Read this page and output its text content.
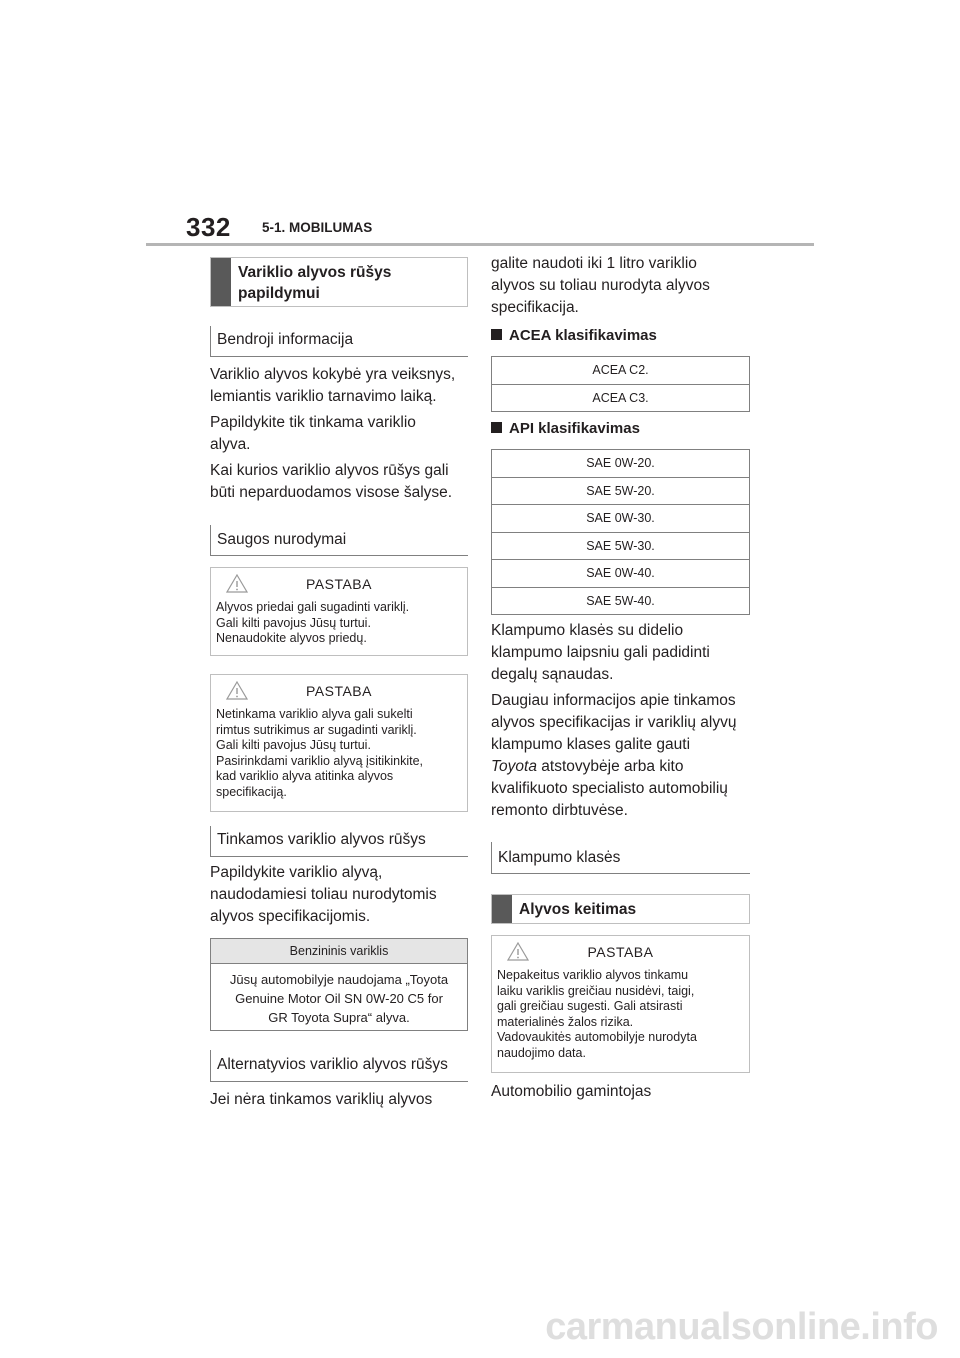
332 5-1. MOBILUMAS
Variklio alyvos rūšys papildymui
Bendroji informacija
Variklio alyvos kokybė yra veiksnys,
lemiantis variklio tarnavimo laiką.
Papildykite tik tinkama variklio
alyva.
Kai kurios variklio alyvos rūšys gali
būti neparduodamos visose šalyse.
Saugos nurodymai
PASTABA
Alyvos priedai gali sugadinti variklį.
Gali kilti pavojus Jūsų turtui.
Nenaudokite alyvos priedų.
PASTABA
Netinkama variklio alyva gali sukelti
rimtus sutrikimus ar sugadinti variklį.
Gali kilti pavojus Jūsų turtui.
Pasirinkdami variklio alyvą įsitikinkite,
kad variklio alyva atitinka alyvos
specifikaciją.
Tinkamos variklio alyvos rūšys
Papildykite variklio alyvą,
naudodamiesi toliau nurodytomis
alyvos specifikacijomis.
Benzininis variklis
Jūsų automobilyje naudojama „Toyota
Genuine Motor Oil SN 0W-20 C5 for
GR Toyota Supra“ alyva.
Alternatyvios variklio alyvos rūšys
Jei nėra tinkamos variklių alyvos
galite naudoti iki 1 litro variklio
alyvos su toliau nurodyta alyvos
specifikacija.
ACEA klasifikavimas
ACEA C2.
ACEA C3.
API klasifikavimas
SAE 0W-20.
SAE 5W-20.
SAE 0W-30.
SAE 5W-30.
SAE 0W-40.
SAE 5W-40.
Klampumo klasės su didelio
klampumo laipsniu gali padidinti
degalų sąnaudas.
Daugiau informacijos apie tinkamos
alyvos specifikacijas ir variklių alyvų
klampumo klases galite gauti
Toyota atstovybėje arba kito
kvalifikuoto specialisto automobilių
remonto dirbtuvėse.
Klampumo klasės
Alyvos keitimas
PASTABA
Nepakeitus variklio alyvos tinkamu
laiku variklis greičiau nusidėvi, taigi,
gali greičiau sugesti. Gali atsirasti
materialinės žalos rizika.
Vadovaukitės automobilyje nurodyta
naudojimo data.
Automobilio gamintojas
carmanualsonline.info
